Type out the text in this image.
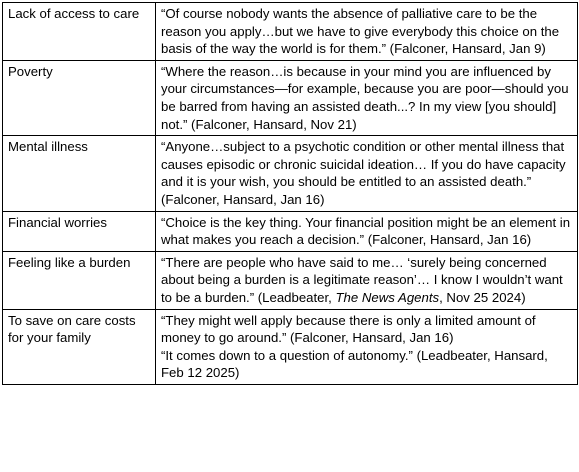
Lack of access to care	“Of course nobody wants the absence of palliative care to be the reason you apply…but we have to give everybody this choice on the basis of the way the world is for them.” (Falconer, Hansard, Jan 9)
Poverty	“Where the reason…is because in your mind you are influenced by your circumstances—for example, because you are poor—should you be barred from having an assisted death...? In my view [you should] not.” (Falconer, Hansard, Nov 21)
Mental illness	“Anyone…subject to a psychotic condition or other mental illness that causes episodic or chronic suicidal ideation… If you do have capacity and it is your wish, you should be entitled to an assisted death.” (Falconer, Hansard, Jan 16)
Financial worries	“Choice is the key thing. Your financial position might be an element in what makes you reach a decision.” (Falconer, Hansard, Jan 16)
Feeling like a burden	“There are people who have said to me… ‘surely being concerned about being a burden is a legitimate reason’… I know I wouldn’t want to be a burden.” (Leadbeater, The News Agents, Nov 25 2024)
To save on care costs for your family	“They might well apply because there is only a limited amount of money to go around.” (Falconer, Hansard, Jan 16)
“It comes down to a question of autonomy.” (Leadbeater, Hansard, Feb 12 2025)
